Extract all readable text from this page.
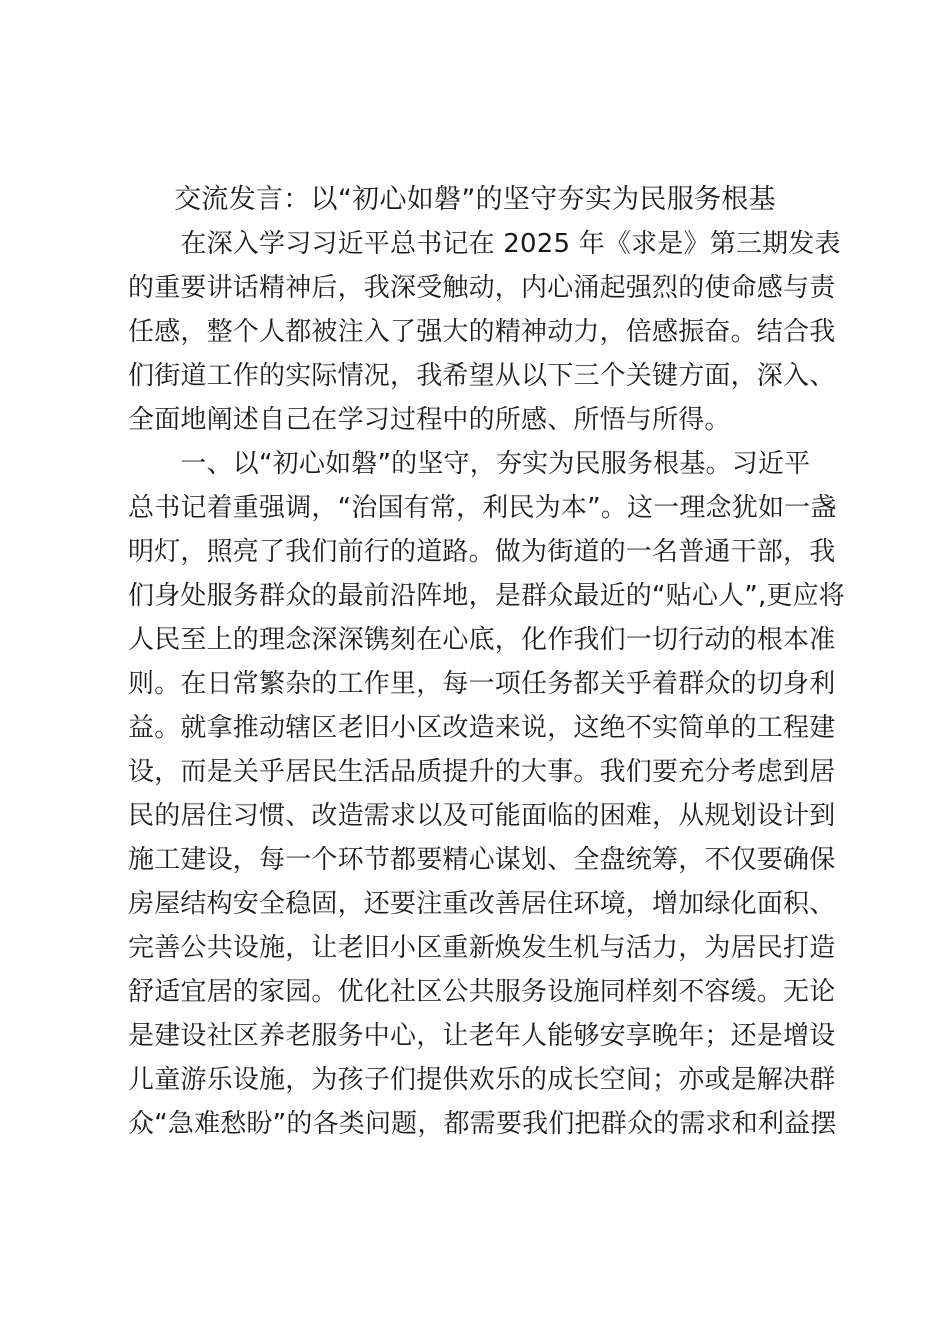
交流发言：以“初心如磐”的坚守夯实为民服务根基
　　在深入学习习近平总书记在 2025 年《求是》第三期发表
的重要讲话精神后，我深受触动，内心涌起强烈的使命感与责
任感，整个人都被注入了强大的精神动力，倍感振奋。结合我
们街道工作的实际情况，我希望从以下三个关键方面，深入、
全面地阐述自己在学习过程中的所感、所悟与所得。
　　一、以“初心如磐”的坚守，夯实为民服务根基。习近平
总书记着重强调，“治国有常，利民为本”。这一理念犹如一盏
明灯，照亮了我们前行的道路。做为街道的一名普通干部，我
们身处服务群众的最前沿阵地，是群众最近的“贴心人”,更应将
人民至上的理念深深镌刻在心底，化作我们一切行动的根本准
则。在日常繁杂的工作里，每一项任务都关乎着群众的切身利
益。就拿推动辖区老旧小区改造来说，这绝不实简单的工程建
设，而是关乎居民生活品质提升的大事。我们要充分考虑到居
民的居住习惯、改造需求以及可能面临的困难，从规划设计到
施工建设，每一个环节都要精心谋划、全盘统筹，不仅要确保
房屋结构安全稳固，还要注重改善居住环境，增加绿化面积、
完善公共设施，让老旧小区重新焕发生机与活力，为居民打造
舒适宜居的家园。优化社区公共服务设施同样刻不容缓。无论
是建设社区养老服务中心，让老年人能够安享晚年；还是增设
儿童游乐设施，为孩子们提供欢乐的成长空间；亦或是解决群
众“急难愁盼”的各类问题，都需要我们把群众的需求和利益摆
